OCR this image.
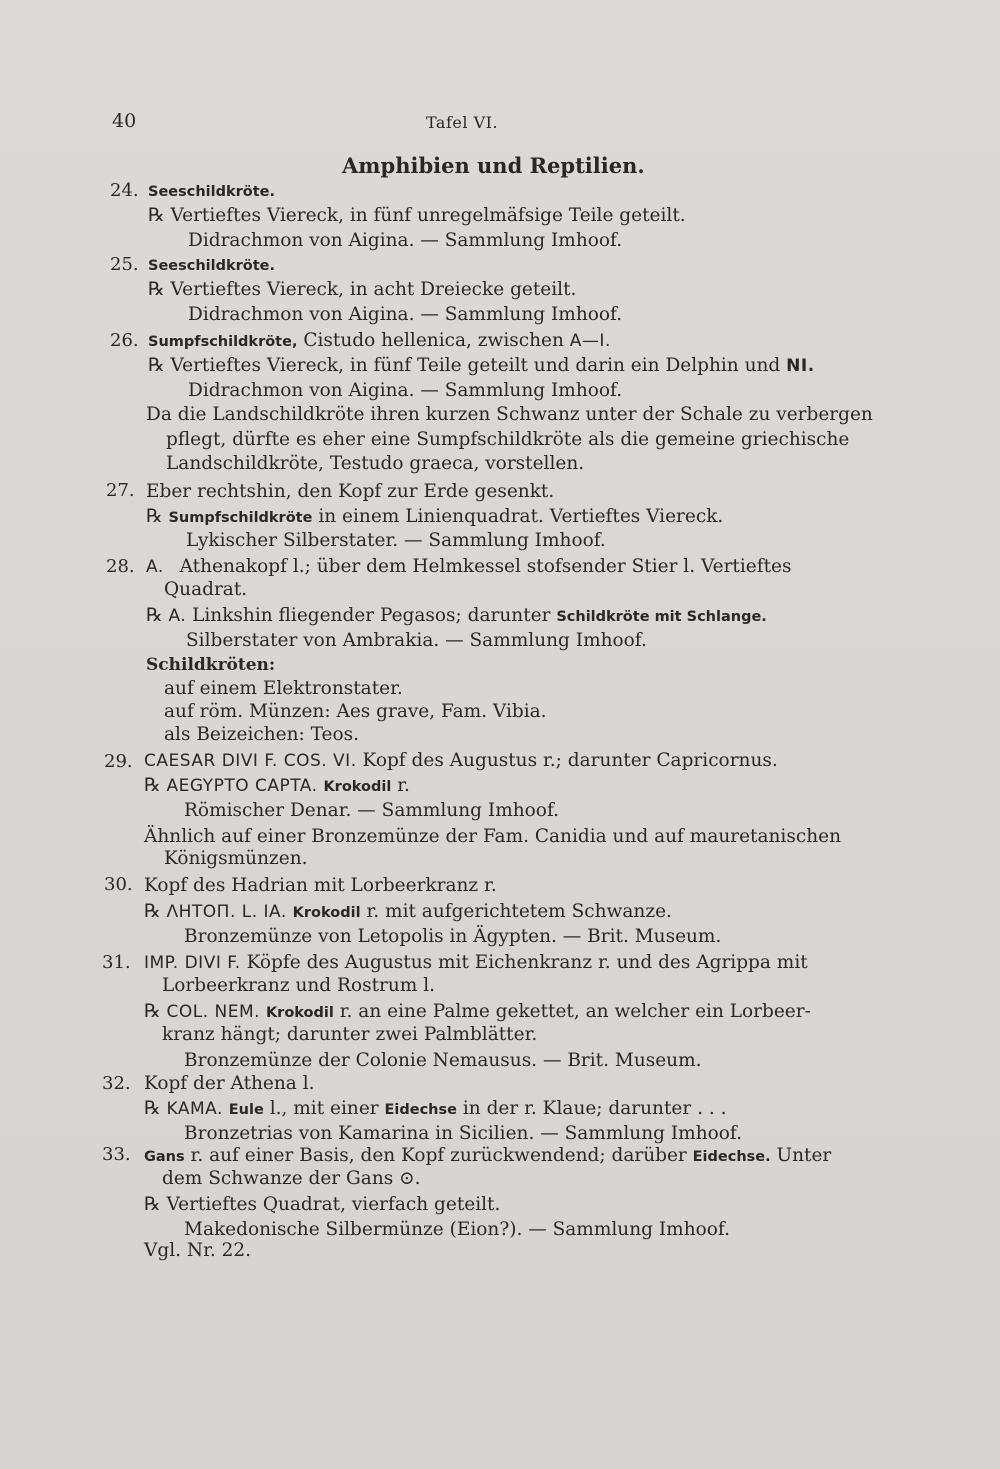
40	Tafel VI.
Amphibien und Reptilien.
24. Seeschildkröte.
℞ Vertieftes Viereck, in fünf unregelmäfsige Teile geteilt.
Didrachmon von Aigina. — Sammlung Imhoof.
25. Seeschildkröte.
℞ Vertieftes Viereck, in acht Dreiecke geteilt.
Didrachmon von Aigina. — Sammlung Imhoof.
26. Sumpfschildkröte, Cistudo hellenica, zwischen A—I.
℞ Vertieftes Viereck, in fünf Teile geteilt und darin ein Delphin und NI.
Didrachmon von Aigina. — Sammlung Imhoof.
Da die Landschildkröte ihren kurzen Schwanz unter der Schale zu verbergen
pflegt, dürfte es eher eine Sumpfschildkröte als die gemeine griechische
Landschildkröte, Testudo graeca, vorstellen.
27. Eber rechtshin, den Kopf zur Erde gesenkt.
℞ Sumpfschildkröte in einem Linienquadrat. Vertieftes Viereck.
Lykischer Silberstater. — Sammlung Imhoof.
28. A. Athenakopf l.; über dem Helmkessel stofsender Stier l. Vertieftes
Quadrat.
℞ A. Linkshin fliegender Pegasos; darunter Schildkröte mit Schlange.
Silberstater von Ambrakia. — Sammlung Imhoof.
Schildkröten:
auf einem Elektronstater.
auf röm. Münzen: Aes grave, Fam. Vibia.
als Beizeichen: Teos.
29. CAESAR DIVI F. COS. VI. Kopf des Augustus r.; darunter Capricornus.
℞ AEGYPTO CAPTA. Krokodil r.
Römischer Denar. — Sammlung Imhoof.
Ähnlich auf einer Bronzemünze der Fam. Canidia und auf mauretanischen
Königsmünzen.
30. Kopf des Hadrian mit Lorbeerkranz r.
℞ ΛHTOΠ. L. IA. Krokodil r. mit aufgerichtetem Schwanze.
Bronzemünze von Letopolis in Ägypten. — Brit. Museum.
31. IMP. DIVI F. Köpfe des Augustus mit Eichenkranz r. und des Agrippa mit
Lorbeerkranz und Rostrum l.
℞ COL. NEM. Krokodil r. an eine Palme gekettet, an welcher ein Lorbeer-
kranz hängt; darunter zwei Palmblätter.
Bronzemünze der Colonie Nemausus. — Brit. Museum.
32. Kopf der Athena l.
℞ KAMA. Eule l., mit einer Eidechse in der r. Klaue; darunter . . .
Bronzetrias von Kamarina in Sicilien. — Sammlung Imhoof.
33. Gans r. auf einer Basis, den Kopf zurückwendend; darüber Eidechse. Unter
dem Schwanze der Gans ⊙.
℞ Vertieftes Quadrat, vierfach geteilt.
Makedonische Silbermünze (Eion?). — Sammlung Imhoof.
Vgl. Nr. 22.
